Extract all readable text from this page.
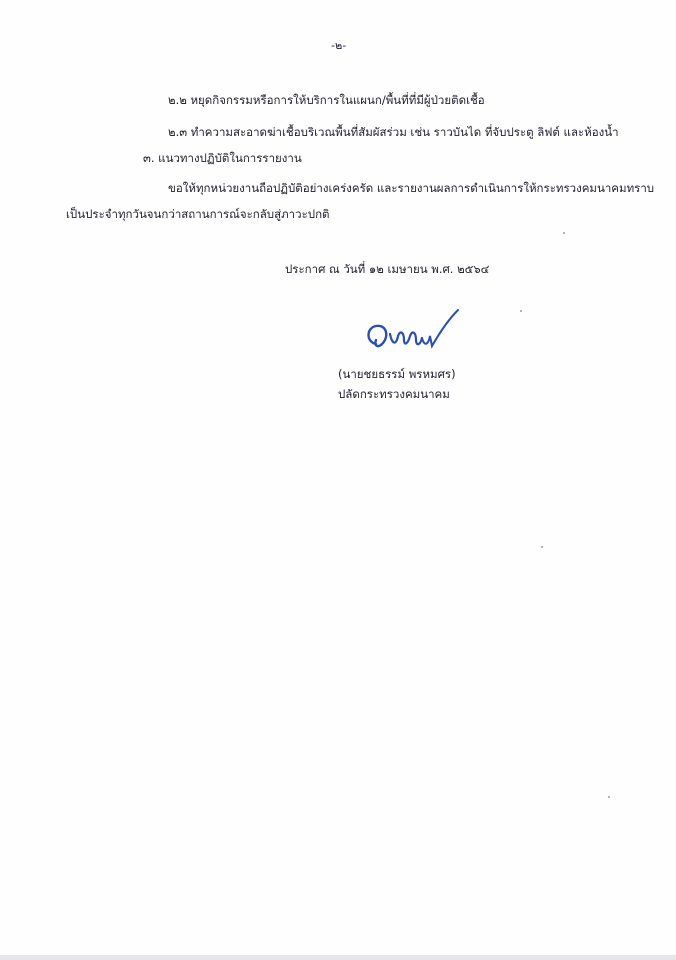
-๒-
๒.๒ หยุดกิจกรรมหรือการให้บริการในแผนก/พื้นที่ที่มีผู้ป่วยติดเชื้อ
๒.๓ ทำความสะอาดฆ่าเชื้อบริเวณพื้นที่สัมผัสร่วม เช่น ราวบันได ที่จับประตู ลิฟต์ และห้องน้ำ
๓. แนวทางปฏิบัติในการรายงาน
ขอให้ทุกหน่วยงานถือปฏิบัติอย่างเคร่งครัด และรายงานผลการดำเนินการให้กระทรวงคมนาคมทราบ
เป็นประจำทุกวันจนกว่าสถานการณ์จะกลับสู่ภาวะปกติ
ประกาศ ณ วันที่ ๑๒ เมษายน พ.ศ. ๒๕๖๔
(นายชยธรรม์ พรหมศร)
ปลัดกระทรวงคมนาคม
